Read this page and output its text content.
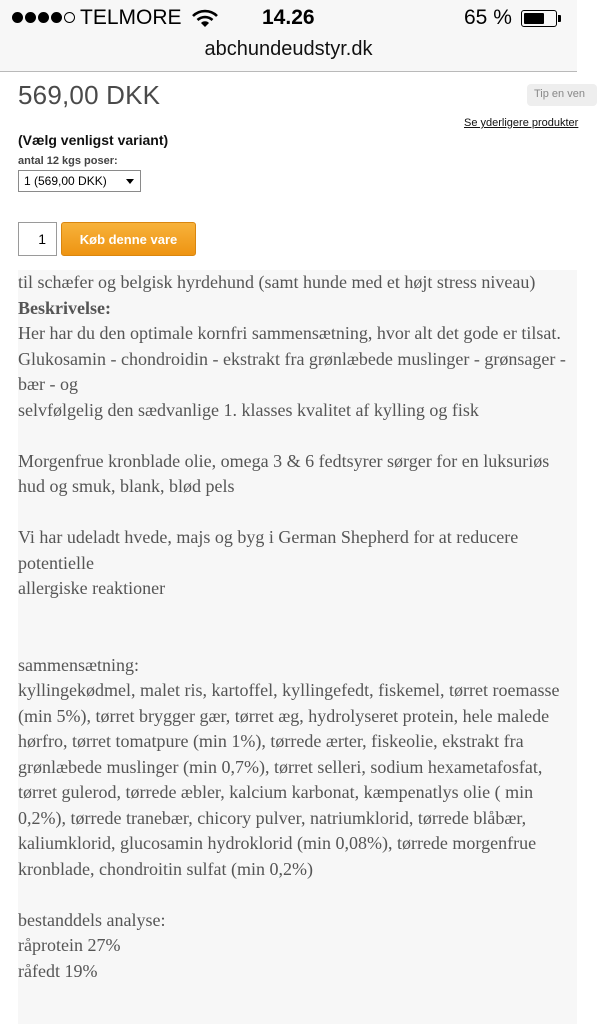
TELMORE	14.26	65 %
abchundeudstyr.dk
569,00 DKK	Tip en ven
Se yderligere produkter
(Vælg venligst variant)
antal 12 kgs poser:
1 (569,00 DKK)
1	Køb denne vare

til schæfer og belgisk hyrdehund (samt hunde med et højt stress niveau)

Beskrivelse:

Her har du den optimale kornfri sammensætning, hvor alt det gode er tilsat.

Glukosamin - chondroidin - ekstrakt fra grønlæbede muslinger - grønsager - bær - og

selvfølgelig den sædvanlige 1. klasses kvalitet af kylling og fisk

Morgenfrue kronblade olie, omega 3 & 6 fedtsyrer sørger for en luksuriøs hud og smuk, blank, blød pels

Vi har udeladt hvede, majs og byg i German Shepherd for at reducere potentielle

allergiske reaktioner

sammensætning:

kyllingekødmel, malet ris, kartoffel, kyllingefedt, fiskemel, tørret roemasse (min 5%), tørret brygger gær, tørret æg, hydrolyseret protein, hele malede hørfro, tørret tomatpure (min 1%), tørrede ærter, fiskeolie, ekstrakt fra grønlæbede muslinger (min 0,7%), tørret selleri, sodium hexametafosfat, tørret gulerod, tørrede æbler, kalcium karbonat, kæmpenatlys olie ( min 0,2%), tørrede tranebær, chicory pulver, natriumklorid, tørrede blåbær, kaliumklorid, glucosamin hydroklorid (min 0,08%), tørrede morgenfrue kronblade, chondroitin sulfat (min 0,2%)

bestanddels analyse:

råprotein 27%

råfedt 19%
